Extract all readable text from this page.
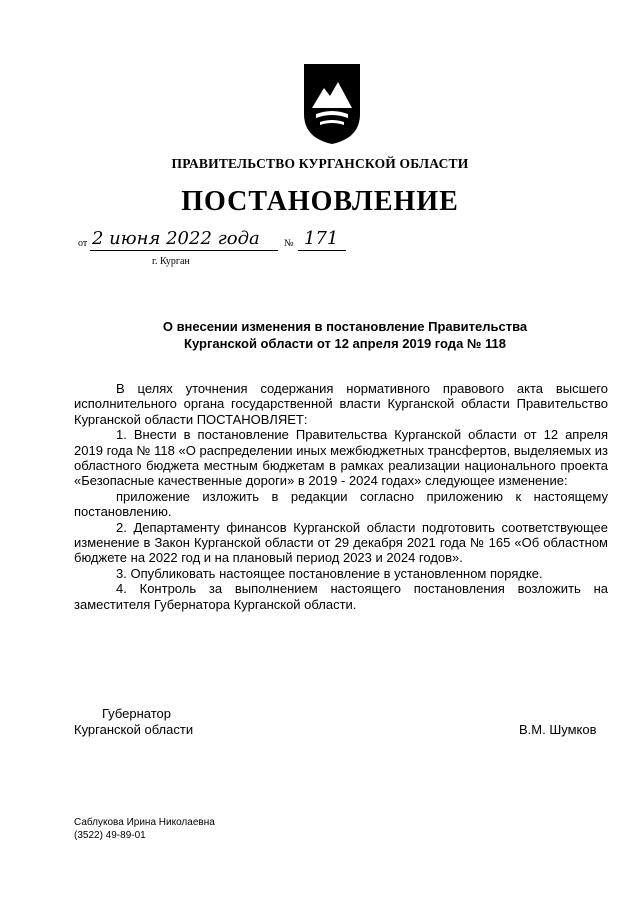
ПРАВИТЕЛЬСТВО КУРГАНСКОЙ ОБЛАСТИ
ПОСТАНОВЛЕНИЕ
от 2 июня 2022 года № 171
г. Курган
О внесении изменения в постановление Правительства
Курганской области от 12 апреля 2019 года № 118

В целях уточнения содержания нормативного правового акта высшего исполнительного органа государственной власти Курганской области Правительство Курганской области ПОСТАНОВЛЯЕТ:

1. Внести в постановление Правительства Курганской области от 12 апреля 2019 года № 118 «О распределении иных межбюджетных трансфертов, выделяемых из областного бюджета местным бюджетам в рамках реализации национального проекта «Безопасные качественные дороги» в 2019 - 2024 годах» следующее изменение:

приложение изложить в редакции согласно приложению к настоящему постановлению.

2. Департаменту финансов Курганской области подготовить соответствующее изменение в Закон Курганской области от 29 декабря 2021 года № 165 «Об областном бюджете на 2022 год и на плановый период 2023 и 2024 годов».

3. Опубликовать настоящее постановление в установленном порядке.

4. Контроль за выполнением настоящего постановления возложить на заместителя Губернатора Курганской области.

Губернатор
Курганской области	В.М. Шумков
Саблукова Ирина Николаевна
(3522) 49-89-01
